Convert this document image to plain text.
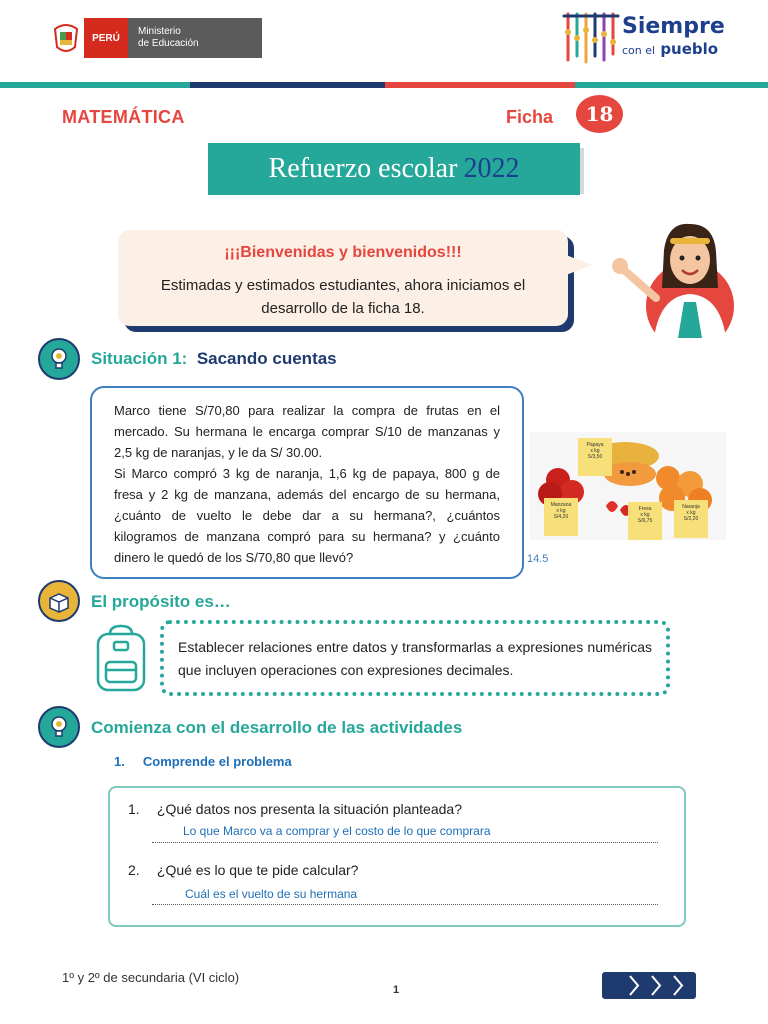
PERÚ
Ministerio
de Educación
Siempre
con el pueblo
MATEMÁTICA	Ficha	18
Refuerzo escolar 2022
¡¡¡Bienvenidas y bienvenidos!!!
Estimadas y estimados estudiantes, ahora iniciamos el
desarrollo de la ficha 18.
Situación 1: Sacando cuentas

Marco tiene S/70,80 para realizar la compra de frutas en el mercado. Su hermana le encarga comprar S/10 de manzanas y 2,5 kg de naranjas, y le da S/ 30.00.

Si Marco compró 3 kg de naranja, 1,6 kg de papaya, 800 g de fresa y 2 kg de manzana, además del encargo de su hermana, ¿cuánto de vuelto le debe dar a su hermana?, ¿cuántos kilogramos de manzana compró para su hermana? y ¿cuánto dinero le quedó de los S/70,80 que llevó?

Papaya
x kg
S/3,50
Manzana
x kg
S/4,20
Fresa
x kg
S/6,75
Naranja
x kg
S/2,20
14.5
El propósito es…
Establecer relaciones entre datos y transformarlas a expresiones numéricas que incluyen operaciones con expresiones decimales.
Comienza con el desarrollo de las actividades
1. Comprende el problema
1. ¿Qué datos nos presenta la situación planteada?
Lo que Marco va a comprar y el costo de lo que comprara
2. ¿Qué es lo que te pide calcular?
Cuál es el vuelto de su hermana
1º y 2º de secundaria (VI ciclo)
1
